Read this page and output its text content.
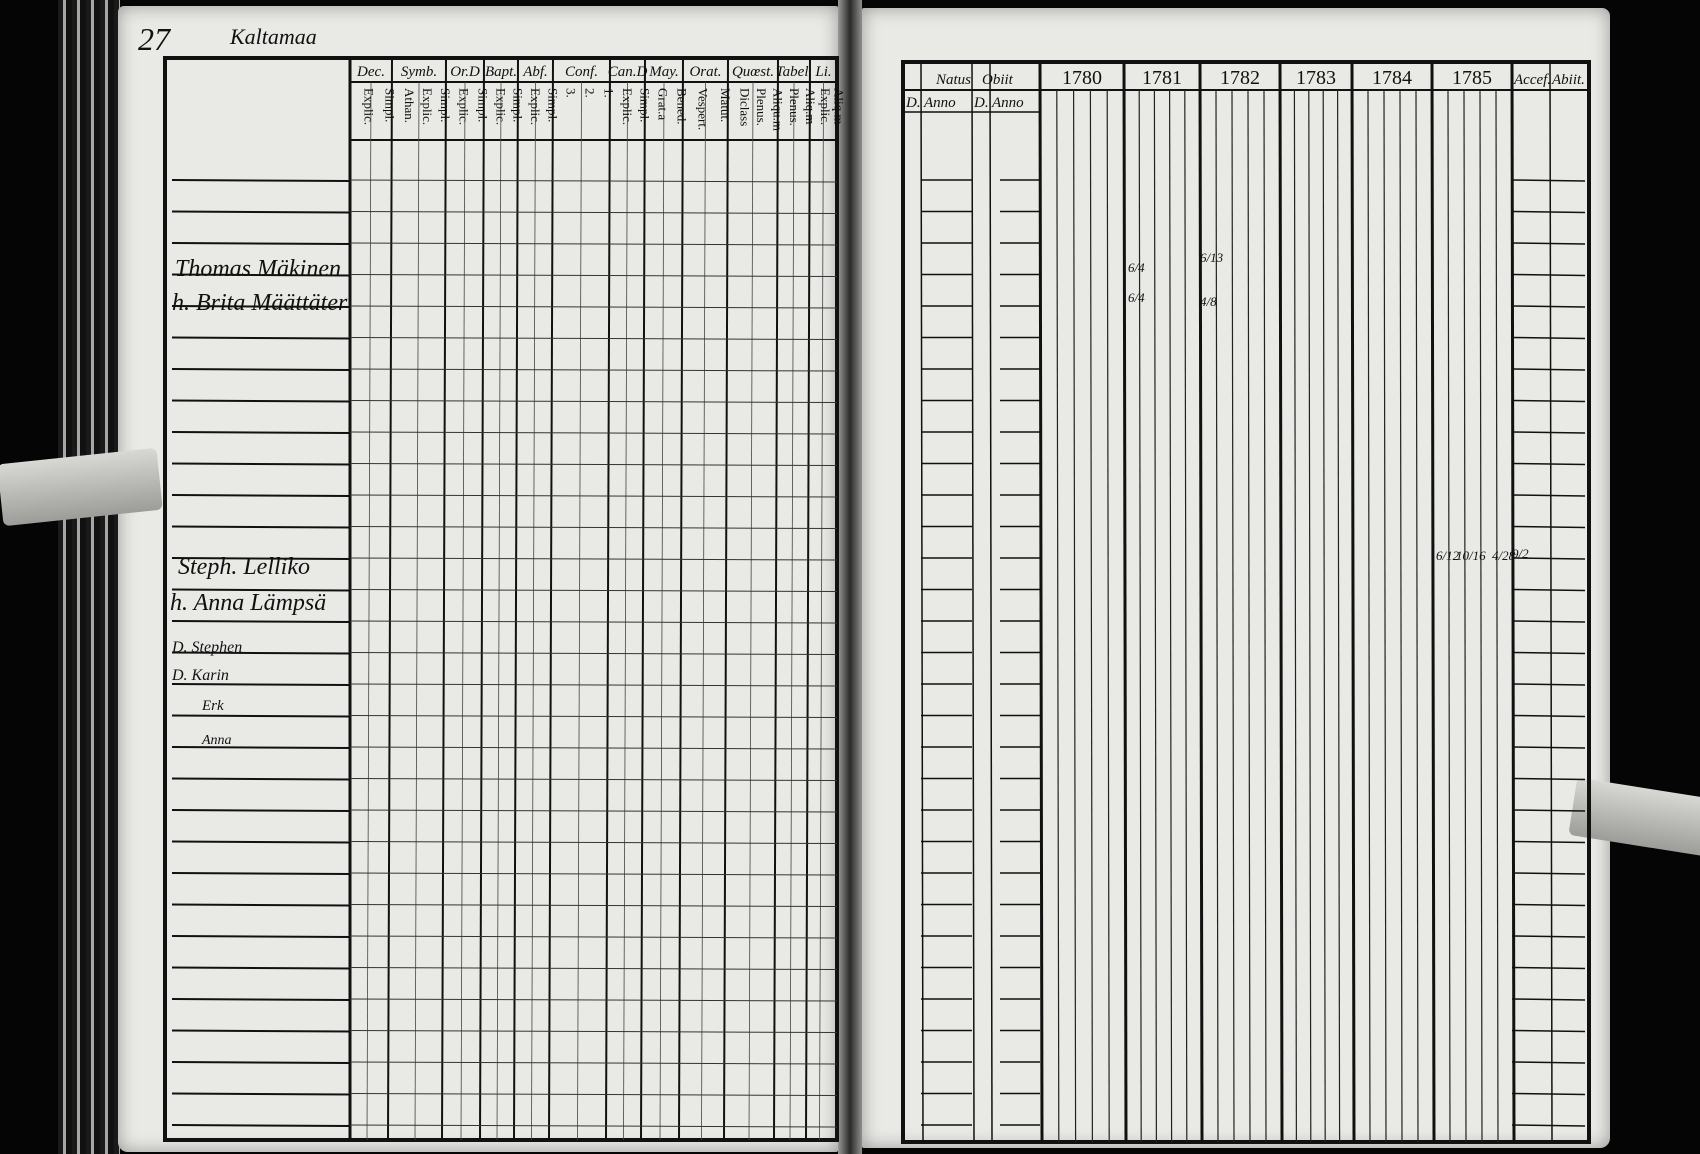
27	Kaltamaa
Dec.
Explic. Simpl.
Symb.
Athan. Explic. Simpl.
Or.D
Explic. Simpl.
Bapt.
Explic. Simpl.
Abf.
Explic. Simpl.
Conf.
3. 2. 1.
Can.D
Explic. Simpl.
May.
Grat.a Bened.
Orat.
Vespert. Matut.
Quœst.
Diclass Plenus. Aliqu.m
Tabel.
Plenus. Aliq.m
Li.
Explic.
Aliq.m
Thomas Mäkinen
h. Brita Määttäter
Steph. Lelliko
h. Anna Lämpsä
D. Stephen
D. Karin
Erk
Anna
Natus Obiit
D. Anno D. Anno
1780 1781 1782 1783 1784 1785 Accef. Abiit.
6/4
6/4
6/13
4/8
6/12
10/16 4/28
9/2
